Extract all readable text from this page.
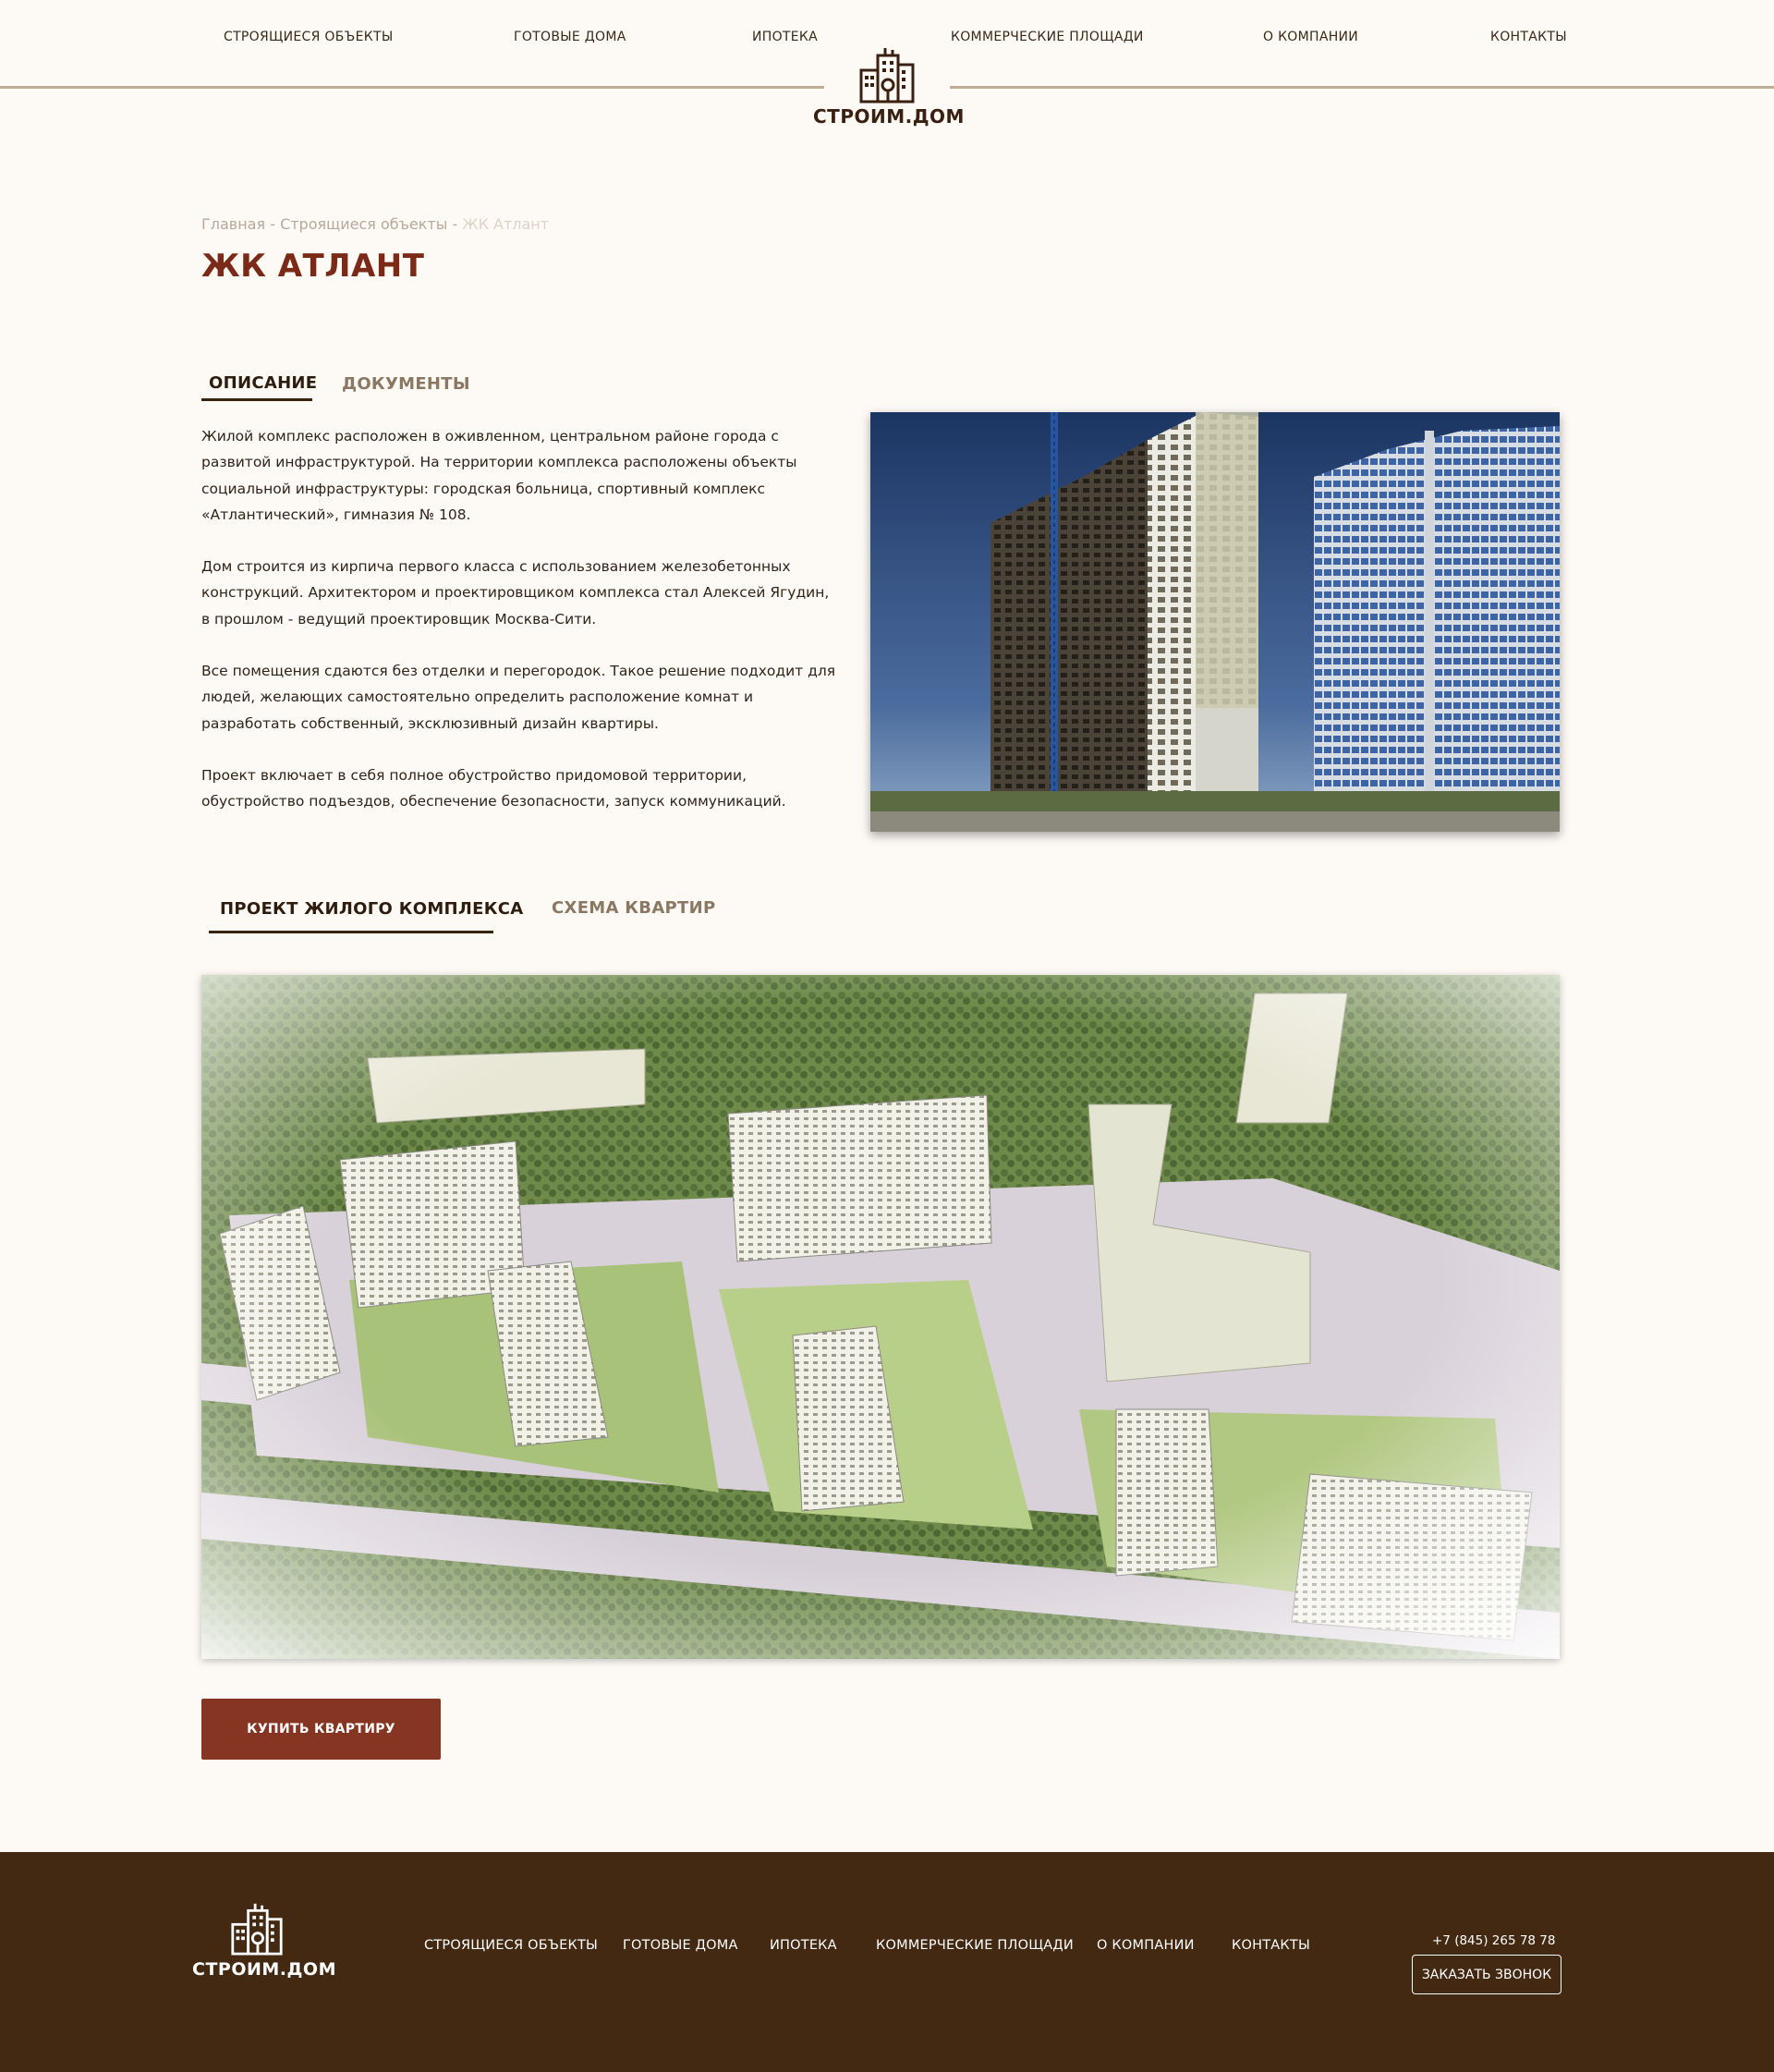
СТРОЯЩИЕСЯ ОБЪЕКТЫ	ГОТОВЫЕ ДОМА	ИПОТЕКА	КОММЕРЧЕСКИЕ ПЛОЩАДИ	О КОМПАНИИ	КОНТАКТЫ
СТРОИМ.ДОМ
Главная - Строящиеся объекты - ЖК Атлант
ЖК АТЛАНТ
ОПИСАНИЕ ДОКУМЕНТЫ

Жилой комплекс расположен в оживленном, центральном районе города с развитой инфраструктурой. На территории комплекса расположены объекты социальной инфраструктуры: городская больница, спортивный комплекс «Атлантический», гимназия № 108.

Дом строится из кирпича первого класса с использованием железобетонных конструкций. Архитектором и проектировщиком комплекса стал Алексей Ягудин, в прошлом - ведущий проектировщик Москва-Сити.

Все помещения сдаются без отделки и перегородок. Такое решение подходит для людей, желающих самостоятельно определить расположение комнат и разработать собственный, эксклюзивный дизайн квартиры.

Проект включает в себя полное обустройство придомовой территории, обустройство подъездов, обеспечение безопасности, запуск коммуникаций.

ПРОЕКТ ЖИЛОГО КОМПЛЕКСА СХЕМА КВАРТИР
КУПИТЬ КВАРТИРУ
СТРОИМ.ДОМ
СТРОЯЩИЕСЯ ОБЪЕКТЫ ГОТОВЫЕ ДОМА ИПОТЕКА	КОММЕРЧЕСКИЕ ПЛОЩАДИ О КОМПАНИИ	КОНТАКТЫ	+7 (845) 265 78 78
ЗАКАЗАТЬ ЗВОНОК
